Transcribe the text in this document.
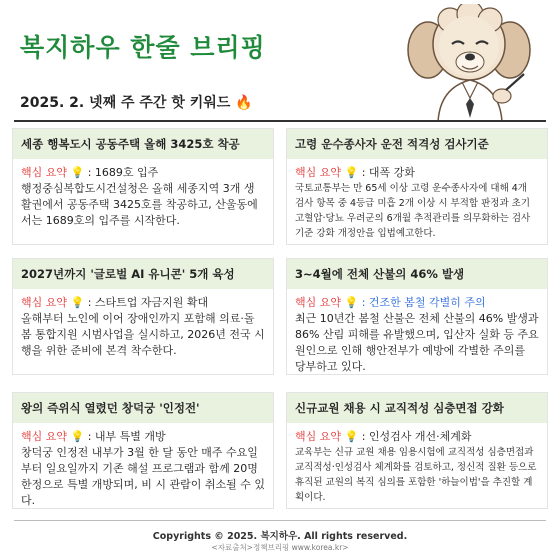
복지하우 한줄 브리핑
2025. 2. 넷째 주 주간 핫 키워드 🔥
세종 행복도시 공동주택 올해 3425호 착공
핵심 요약 💡 : 1689호 입주
행정중심복합도시건설청은 올해 세종지역 3개 생활권에서 공동주택 3425호를 착공하고, 산울동에서는 1689호의 입주를 시작한다.
고령 운수종사자 운전 적격성 검사기준
핵심 요약 💡 : 대폭 강화
국토교통부는 만 65세 이상 고령 운수종사자에 대해 4개 검사 항목 중 4등급 미흡 2개 이상 시 부적합 판정과 초기 고혈압·당뇨 우려군의 6개월 추적관리를 의무화하는 검사기준 강화 개정안을 입법예고한다.
2027년까지 '글로벌 AI 유니콘' 5개 육성
핵심 요약 💡 : 스타트업 자금지원 확대
올해부터 노인에 이어 장애인까지 포함해 의료·돌봄 통합지원 시범사업을 실시하고, 2026년 전국 시행을 위한 준비에 본격 착수한다.
3~4월에 전체 산불의 46% 발생
핵심 요약 💡 : 건조한 봄철 각별히 주의
최근 10년간 봄철 산불은 전체 산불의 46% 발생과 86% 산림 피해를 유발했으며, 입산자 실화 등 주요 원인으로 인해 행안전부가 예방에 각별한 주의를 당부하고 있다.
왕의 즉위식 열렸던 창덕궁 '인정전'
핵심 요약 💡 : 내부 특별 개방
창덕궁 인정전 내부가 3월 한 달 동안 매주 수요일부터 일요일까지 기존 해설 프로그램과 함께 20명 한정으로 특별 개방되며, 비 시 관람이 취소될 수 있다.
신규교원 채용 시 교직적성 심층면접 강화
핵심 요약 💡 : 인성검사 개선·체계화
교육부는 신규 교원 채용 임용시험에 교직적성 심층면접과 교직적성·인성검사 체계화를 검토하고, 정신적 질환 등으로 휴직된 교원의 복직 심의를 포함한 '하늘이법'을 추진할 계획이다.
Copyrights © 2025. 복지하우. All rights reserved.
<자료출처>정책브리핑 www.korea.kr>
